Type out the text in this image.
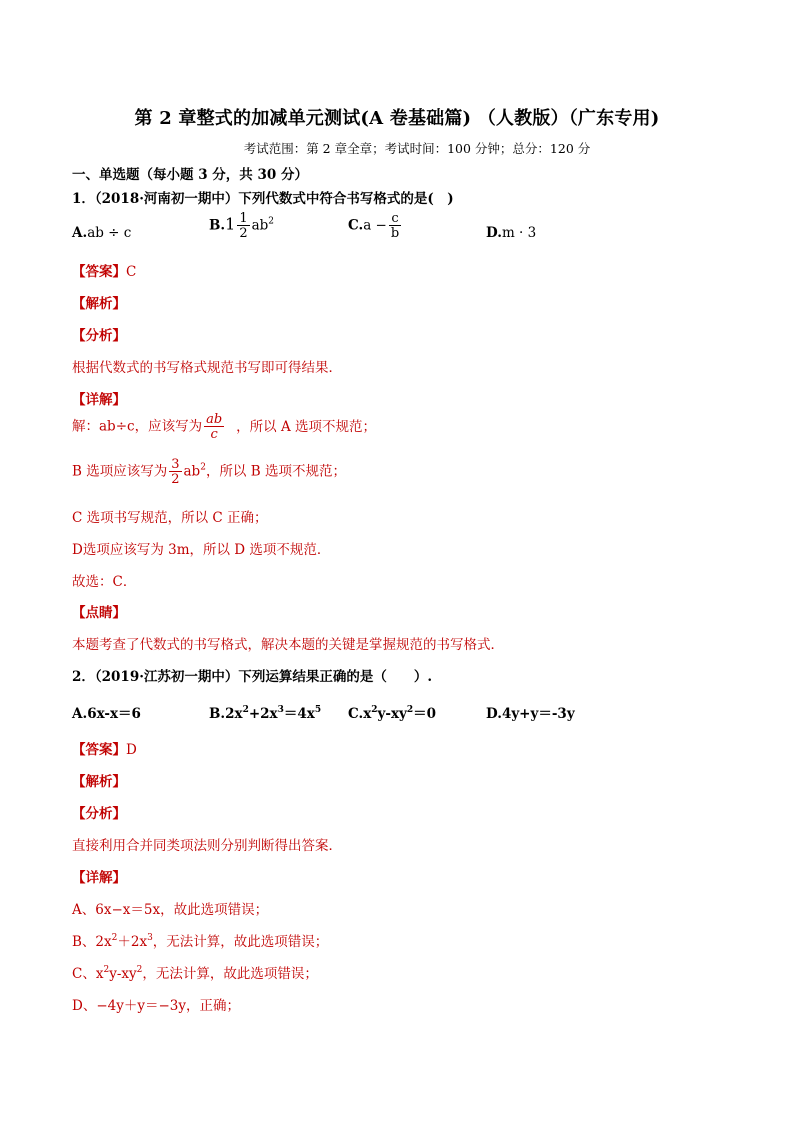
第 2 章整式的加减单元测试(A 卷基础篇) （人教版）（广东专用)
考试范围：第 2 章全章；考试时间：100 分钟；总分：120 分
一、单选题（每小题 3 分，共 30 分）
1．（2018·河南初一期中）下列代数式中符合书写格式的是(　)
A.ab ÷ c	$B.1 \frac{1}{2} ab^2$	$C.a - \frac{c}{b}$	D.m · 3
【答案】C
【解析】
【分析】
根据代数式的书写格式规范书写即可得结果．
【详解】
解：ab÷c，应该写为 $\frac{ab}{c}$ ，所以 A 选项不规范；
B 选项应该写为 $\frac{3}{2} ab^2$，所以 B 选项不规范；
C 选项书写规范，所以 C 正确；
D选项应该写为 3m，所以 D 选项不规范．
故选：C．
【点睛】
本题考查了代数式的书写格式，解决本题的关键是掌握规范的书写格式．
2．（2019·江苏初一期中）下列运算结果正确的是（　　）.
A.6x-x＝6	$B.2x^2+2x^3=4x^5$ $C.x^2y-xy^2=0$	D.4y+y＝-3y
【答案】D
【解析】
【分析】
直接利用合并同类项法则分别判断得出答案．
【详解】
A、6x−x＝5x，故此选项错误；
B、$2x^2+2x^3$，无法计算，故此选项错误；
C、$x^2y-xy^2$，无法计算，故此选项错误；
D、−4y＋y＝−3y，正确；
